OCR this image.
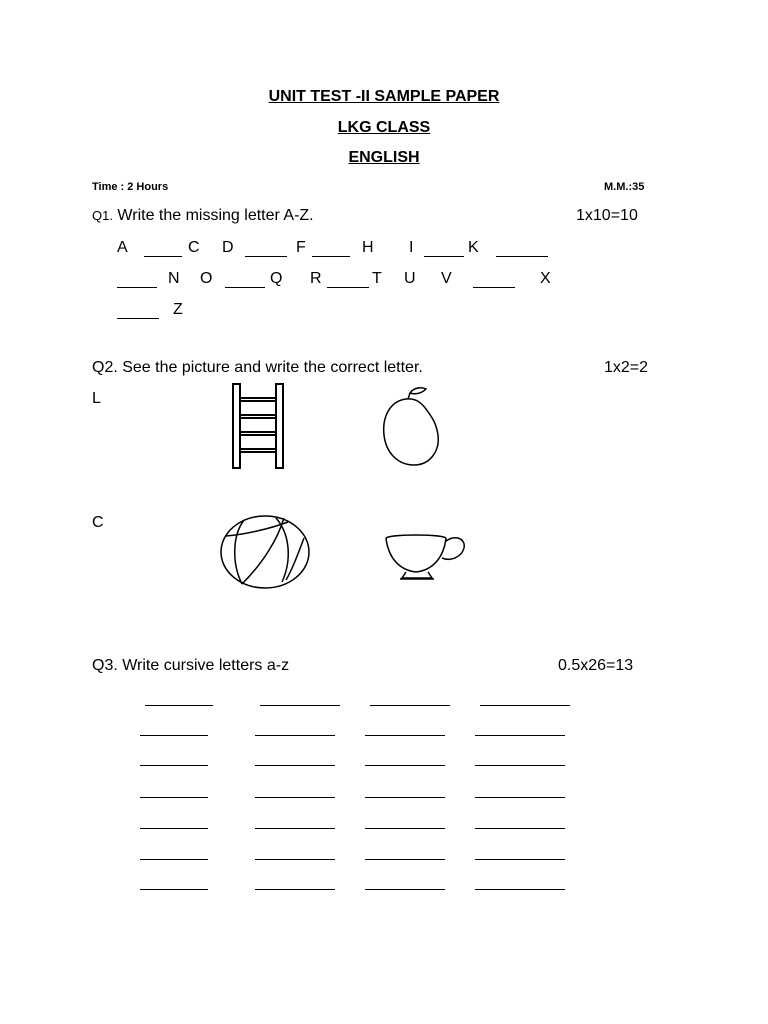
UNIT TEST -II SAMPLE PAPER
LKG CLASS
ENGLISH
Time : 2 Hours	M.M.:35
Q1. Write the missing letter A-Z.	1x10=10
A	C D	F	H I	K
N O	Q R	T U V	X
Z
Q2. See the picture and write the correct letter.	1x2=2
L
C
Q3. Write cursive letters a-z	0.5x26=13
